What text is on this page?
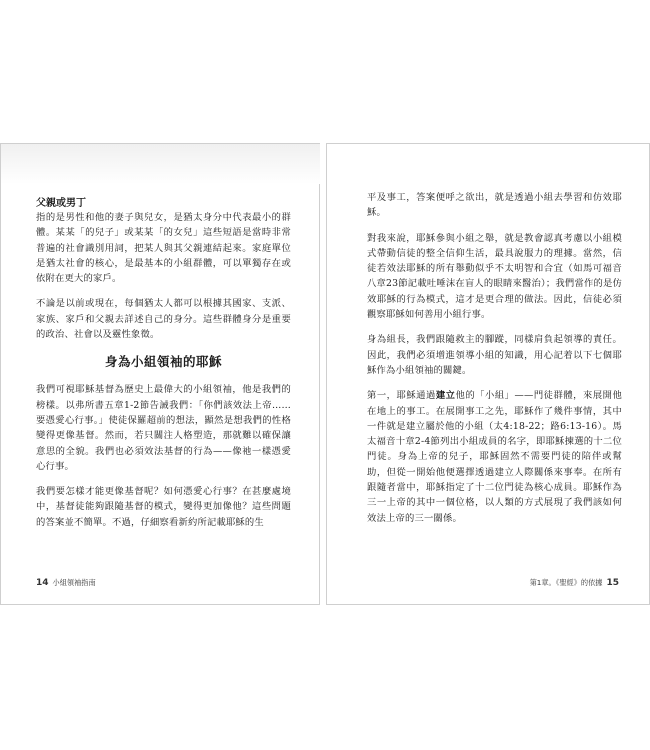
父親或男丁

指的是男性和他的妻子與兒女，是猶太身分中代表最小的群體。某某「的兒子」或某某「的女兒」這些短語是當時非常普遍的社會識別用詞，把某人與其父親連結起來。家庭單位是猶太社會的核心，是最基本的小組群體，可以單獨存在或依附在更大的家戶。

不論是以前或現在，每個猶太人都可以根據其國家、支派、家族、家戶和父親去詳述自己的身分。這些群體身分是重要的政治、社會以及靈性象徵。

身為小組領袖的耶穌

我們可視耶穌基督為歷史上最偉大的小組領袖，他是我們的榜樣。以弗所書五章1-2節告誡我們：「你們該效法上帝……要憑愛心行事。」使徒保羅超前的想法，顯然是想我們的性格變得更像基督。然而，若只關注人格塑造，那就難以確保讓意思的全貌。我們也必須效法基督的行為——像祂一樣憑愛心行事。

我們要怎樣才能更像基督呢？如何憑愛心行事？在甚麼處境中，基督徒能夠跟隨基督的模式，變得更加像他？這些問題的答案並不簡單。不過，仔細察看新約所記載耶穌的生

14 小組領袖指南

平及事工，答案便呼之欲出，就是透過小組去學習和仿效耶穌。

對我來說，耶穌參與小組之舉，就是教會認真考慮以小組模式帶動信徒的整全信仰生活，最具說服力的理據。當然，信徒若效法耶穌的所有舉動似乎不太明智和合宜（如馬可福音八章23節記載吐唾沫在盲人的眼睛來醫治）；我們當作的是仿效耶穌的行為模式，這才是更合理的做法。因此，信徒必須觀察耶穌如何善用小組行事。

身為組長，我們跟隨救主的腳蹤，同樣肩負起領導的責任。因此，我們必須增進領導小組的知識，用心記着以下七個耶穌作為小組領袖的關鍵。

第一，耶穌通過建立他的「小組」——門徒群體，來展開他在地上的事工。在展開事工之先，耶穌作了幾件事情，其中一件就是建立屬於他的小組（太4:18-22；路6:13-16）。馬太福音十章2-4節列出小組成員的名字，即耶穌揀選的十二位門徒。身為上帝的兒子，耶穌固然不需要門徒的陪伴或幫助，但從一開始他便選擇透過建立人際關係來事奉。在所有跟隨者當中，耶穌指定了十二位門徒為核心成員。耶穌作為三一上帝的其中一個位格，以人類的方式展現了我們該如何效法上帝的三一關係。

第1章。《聖經》的依據 15
